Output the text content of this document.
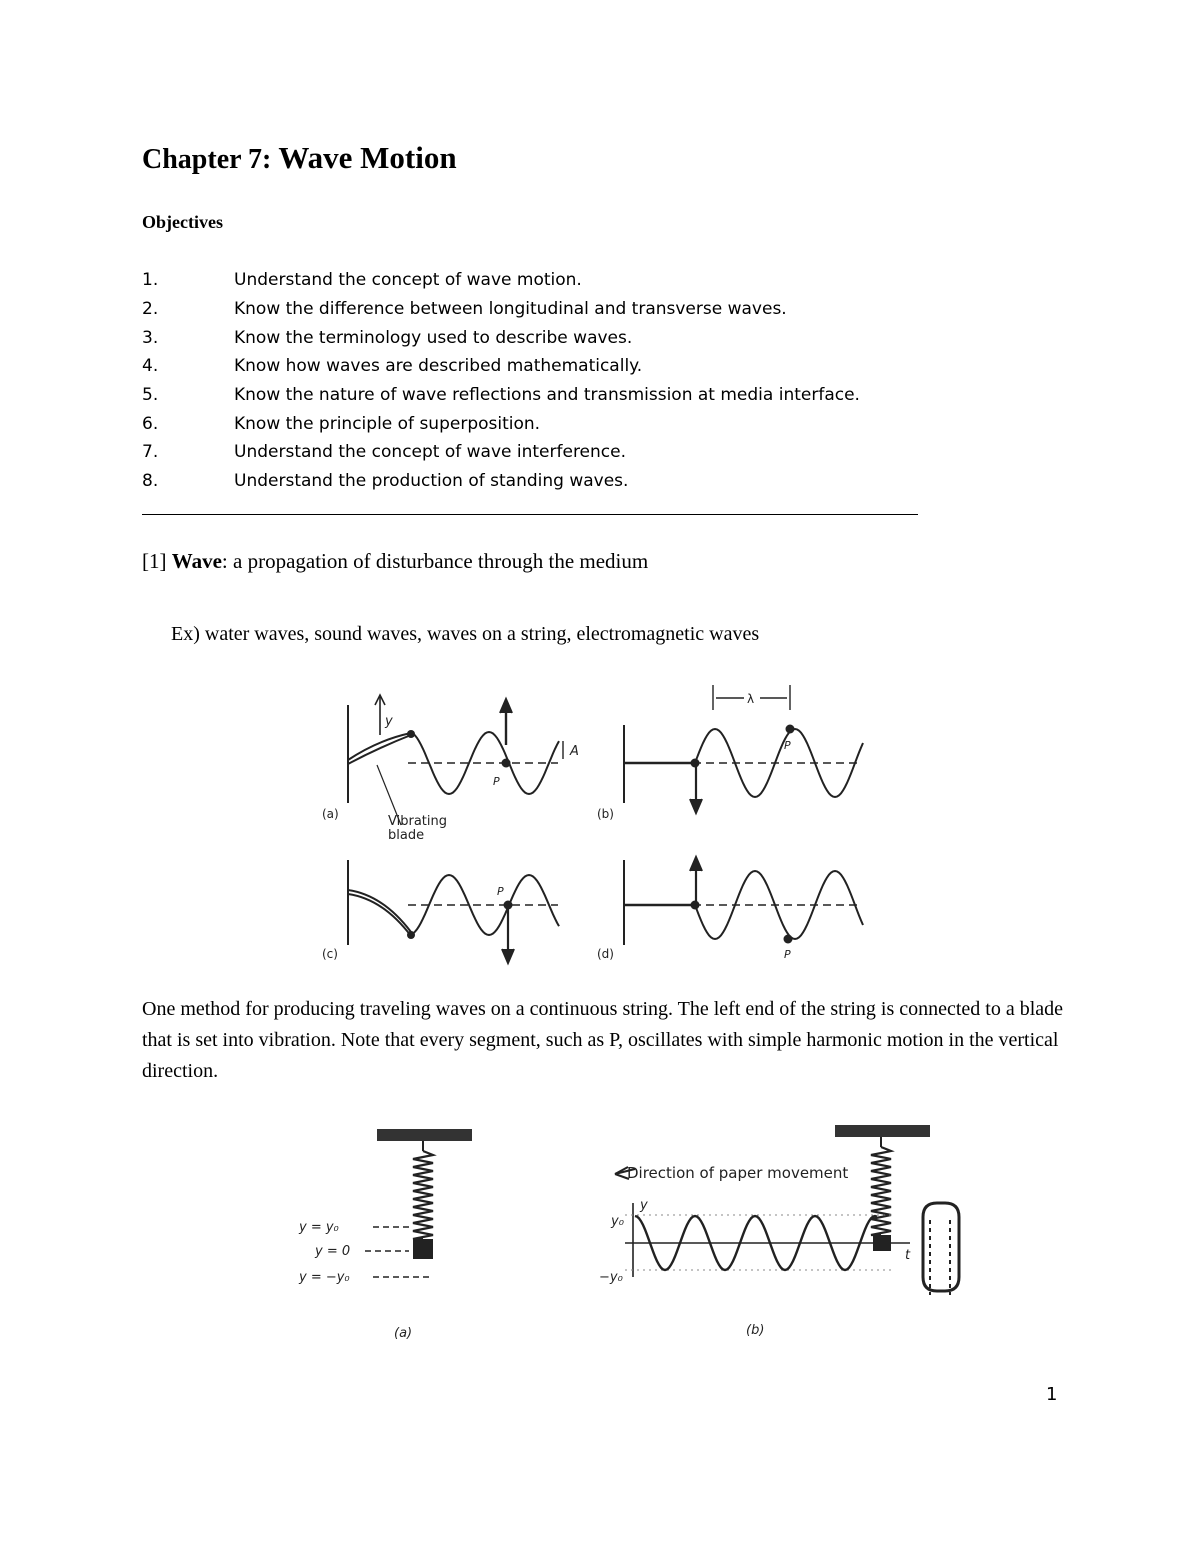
Chapter 7: Wave Motion
Objectives
1.	Understand the concept of wave motion.
2.	Know the difference between longitudinal and transverse waves.
3.	Know the terminology used to describe waves.
4.	Know how waves are described mathematically.
5.	Know the nature of wave reflections and transmission at media interface.
6.	Know the principle of superposition.
7.	Understand the concept of wave interference.
8.	Understand the production of standing waves.
[1] Wave: a propagation of disturbance through the medium
Ex) water waves, sound waves, waves on a string, electromagnetic waves
y
A
P
P
P
P
λ
Vibrating
blade
(a)	(b)
(c)	(d)
One method for producing traveling waves on a continuous string. The left end of the string is connected to a blade that is set into vibration. Note that every segment, such as P, oscillates with simple harmonic motion in the vertical direction.
y = y₀
y = 0
y = −y₀
y
t
y₀
−y₀
(a)	(b)
Direction of paper movement
1
